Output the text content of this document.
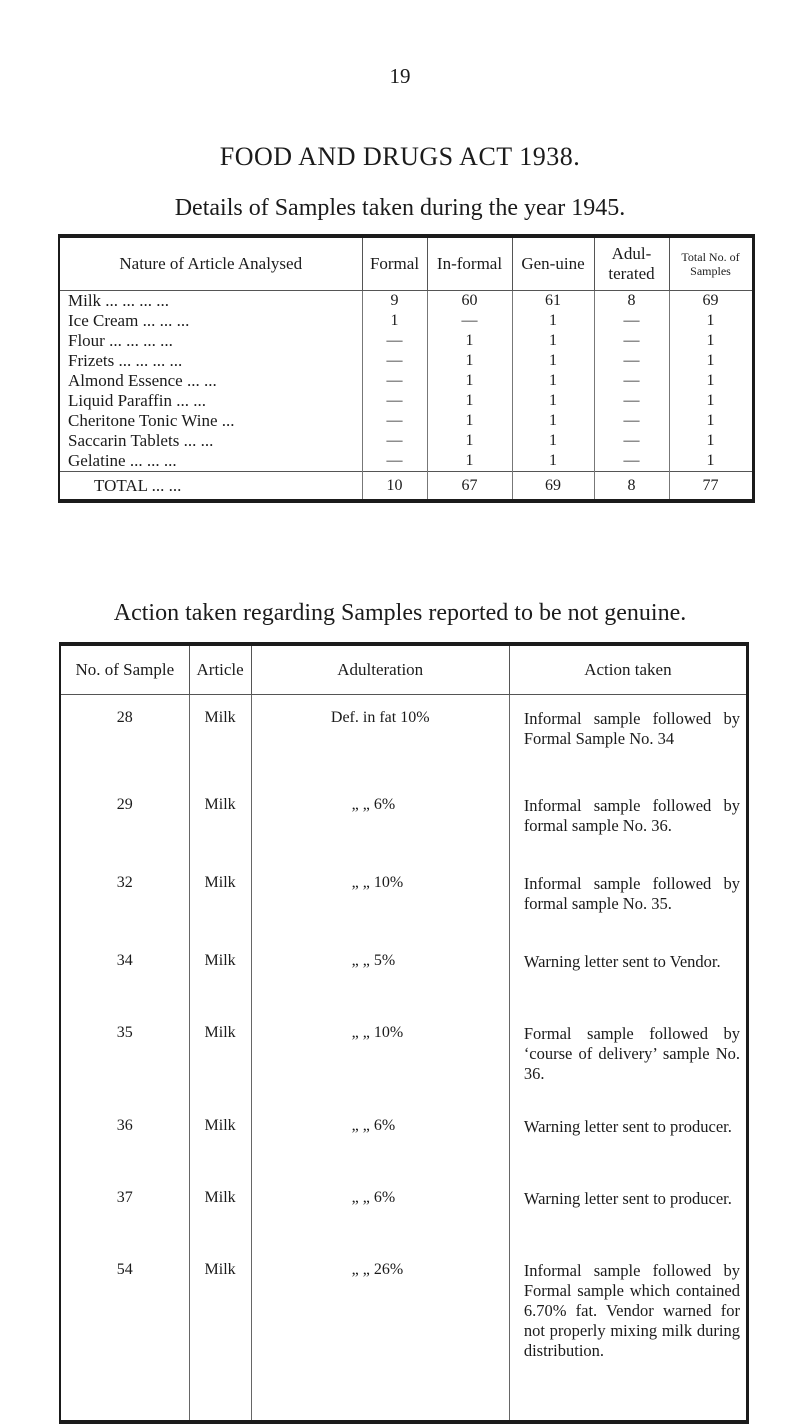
19
FOOD AND DRUGS ACT 1938.
Details of Samples taken during the year 1945.
Nature of Article Analysed	Formal	In-formal	Gen-uine	Adul-terated	Total No. of Samples
Milk ... ... ... ...	9	60	61	8	69
Ice Cream ... ... ...	1	—	1	—	1
Flour ... ... ... ...	—	1	1	—	1
Frizets ... ... ... ...	—	1	1	—	1
Almond Essence ... ...	—	1	1	—	1
Liquid Paraffin ... ...	—	1	1	—	1
Cheritone Tonic Wine ...	—	1	1	—	1
Saccarin Tablets ... ...	—	1	1	—	1
Gelatine ... ... ...	—	1	1	—	1
TOTAL ... ...	10	67	69	8	77
Action taken regarding Samples reported to be not genuine.
No. of Sample	Article	Adulteration	Action taken
28	Milk	Def. in fat 10%	Informal sample followed by Formal Sample No. 34
29	Milk	„ „ 6%	Informal sample followed by formal sample No. 36.
32	Milk	„ „ 10%	Informal sample followed by formal sample No. 35.
34	Milk	„ „ 5%	Warning letter sent to Vendor.
35	Milk	„ „ 10%	Formal sample followed by ‘course of delivery’ sample No. 36.
36	Milk	„ „ 6%	Warning letter sent to producer.
37	Milk	„ „ 6%	Warning letter sent to producer.
54	Milk	„ „ 26%	Informal sample followed by Formal sample which contained 6.70% fat. Vendor warned for not properly mixing milk during distribution.
